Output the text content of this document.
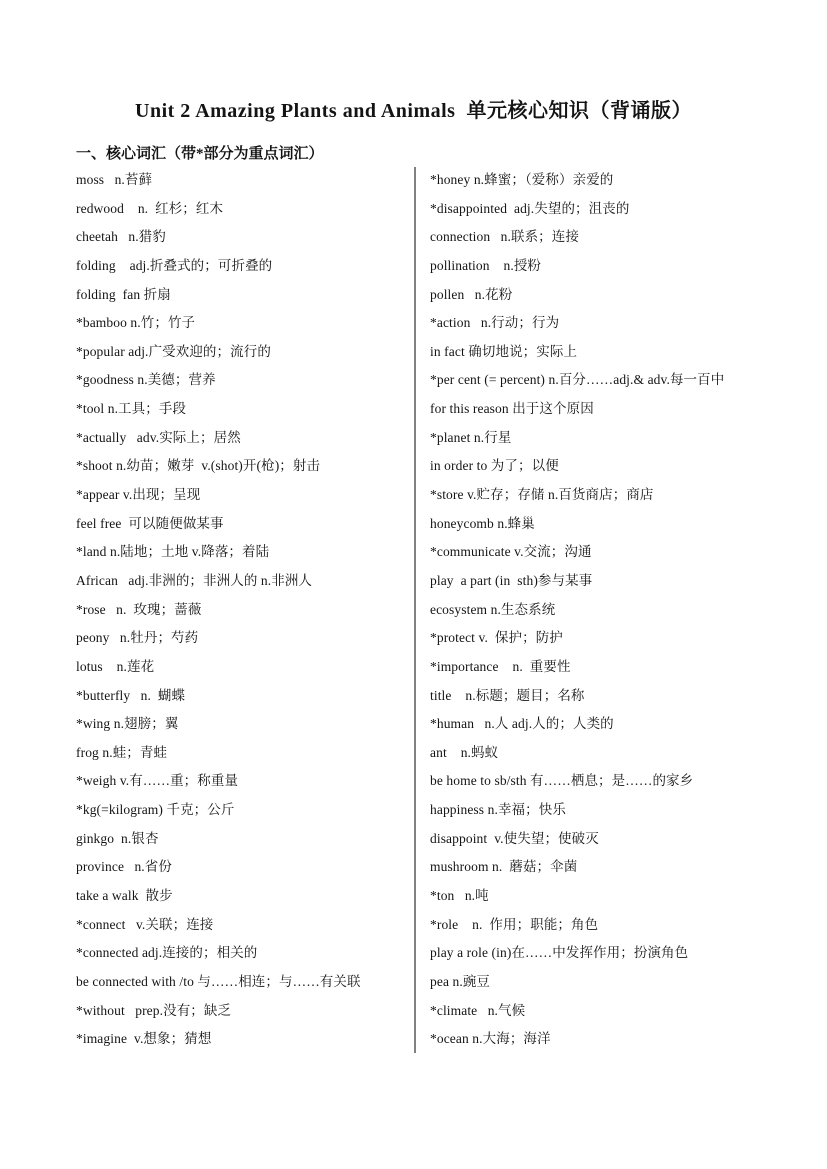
Unit 2 Amazing Plants and Animals  单元核心知识（背诵版）
一、核心词汇（带*部分为重点词汇）
moss   n.苔藓
redwood    n.  红杉；红木
cheetah   n.猎豹
folding    adj.折叠式的；可折叠的
folding  fan 折扇
*bamboo n.竹；竹子
*popular adj.广受欢迎的；流行的
*goodness n.美德；营养
*tool n.工具；手段
*actually   adv.实际上；居然
*shoot n.幼苗；嫩芽  v.(shot)开(枪)；射击
*appear v.出现；呈现
feel free  可以随便做某事
*land n.陆地；土地 v.降落；着陆
African   adj.非洲的；非洲人的 n.非洲人
*rose   n.  玫瑰；蔷薇
peony   n.牡丹；芍药
lotus    n.莲花
*butterfly   n.  蝴蝶
*wing n.翅膀；翼
frog n.蛙；青蛙
*weigh v.有……重；称重量
*kg(=kilogram) 千克；公斤
ginkgo  n.银杏
province   n.省份
take a walk  散步
*connect   v.关联；连接
*connected adj.连接的；相关的
be connected with /to 与……相连；与……有关联
*without   prep.没有；缺乏
*imagine  v.想象；猜想
*honey n.蜂蜜；（爱称）亲爱的
*disappointed  adj.失望的；沮丧的
connection   n.联系；连接
pollination    n.授粉
pollen   n.花粉
*action   n.行动；行为
in fact 确切地说；实际上
*per cent (= percent) n.百分……adj.& adv.每一百中
for this reason 出于这个原因
*planet n.行星
in order to 为了；以便
*store v.贮存；存储 n.百货商店；商店
honeycomb n.蜂巢
*communicate v.交流；沟通
play  a part (in  sth)参与某事
ecosystem n.生态系统
*protect v.  保护；防护
*importance    n.  重要性
title    n.标题；题目；名称
*human   n.人 adj.人的；人类的
ant    n.蚂蚁
be home to sb/sth 有……栖息；是……的家乡
happiness n.幸福；快乐
disappoint  v.使失望；使破灭
mushroom n.  蘑菇；伞菌
*ton   n.吨
*role    n.  作用；职能；角色
play a role (in)在……中发挥作用；扮演角色
pea n.豌豆
*climate   n.气候
*ocean n.大海；海洋
